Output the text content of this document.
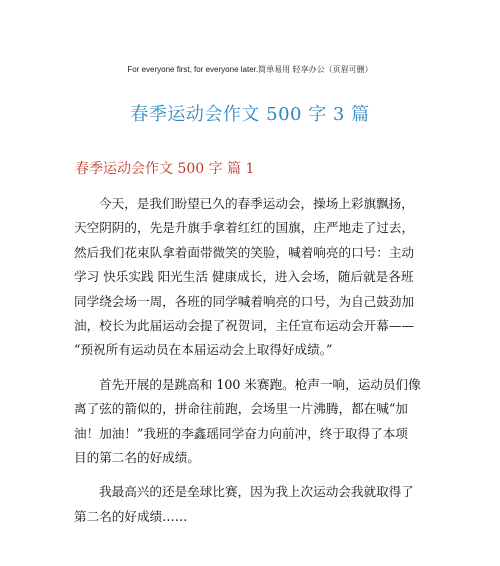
For everyone first, for everyone later.简单易用 轻享办公（页眉可删）
春季运动会作文 500 字 3 篇
春季运动会作文 500 字 篇 1
今天，是我们盼望已久的春季运动会，操场上彩旗飘扬，
天空阴阴的，先是升旗手拿着红红的国旗，庄严地走了过去，
然后我们花束队拿着面带微笑的笑脸，喊着响亮的口号：主动
学习 快乐实践 阳光生活 健康成长，进入会场，随后就是各班
同学绕会场一周，各班的同学喊着响亮的口号，为自己鼓劲加
油，校长为此届运动会提了祝贺词，主任宣布运动会开幕——
“预祝所有运动员在本届运动会上取得好成绩。”
首先开展的是跳高和 100 米赛跑。枪声一响，运动员们像
离了弦的箭似的，拼命往前跑，会场里一片沸腾，都在喊“加
油！加油！”我班的李鑫瑶同学奋力向前冲，终于取得了本项
目的第二名的好成绩。
我最高兴的还是垒球比赛，因为我上次运动会我就取得了
第二名的好成绩……
